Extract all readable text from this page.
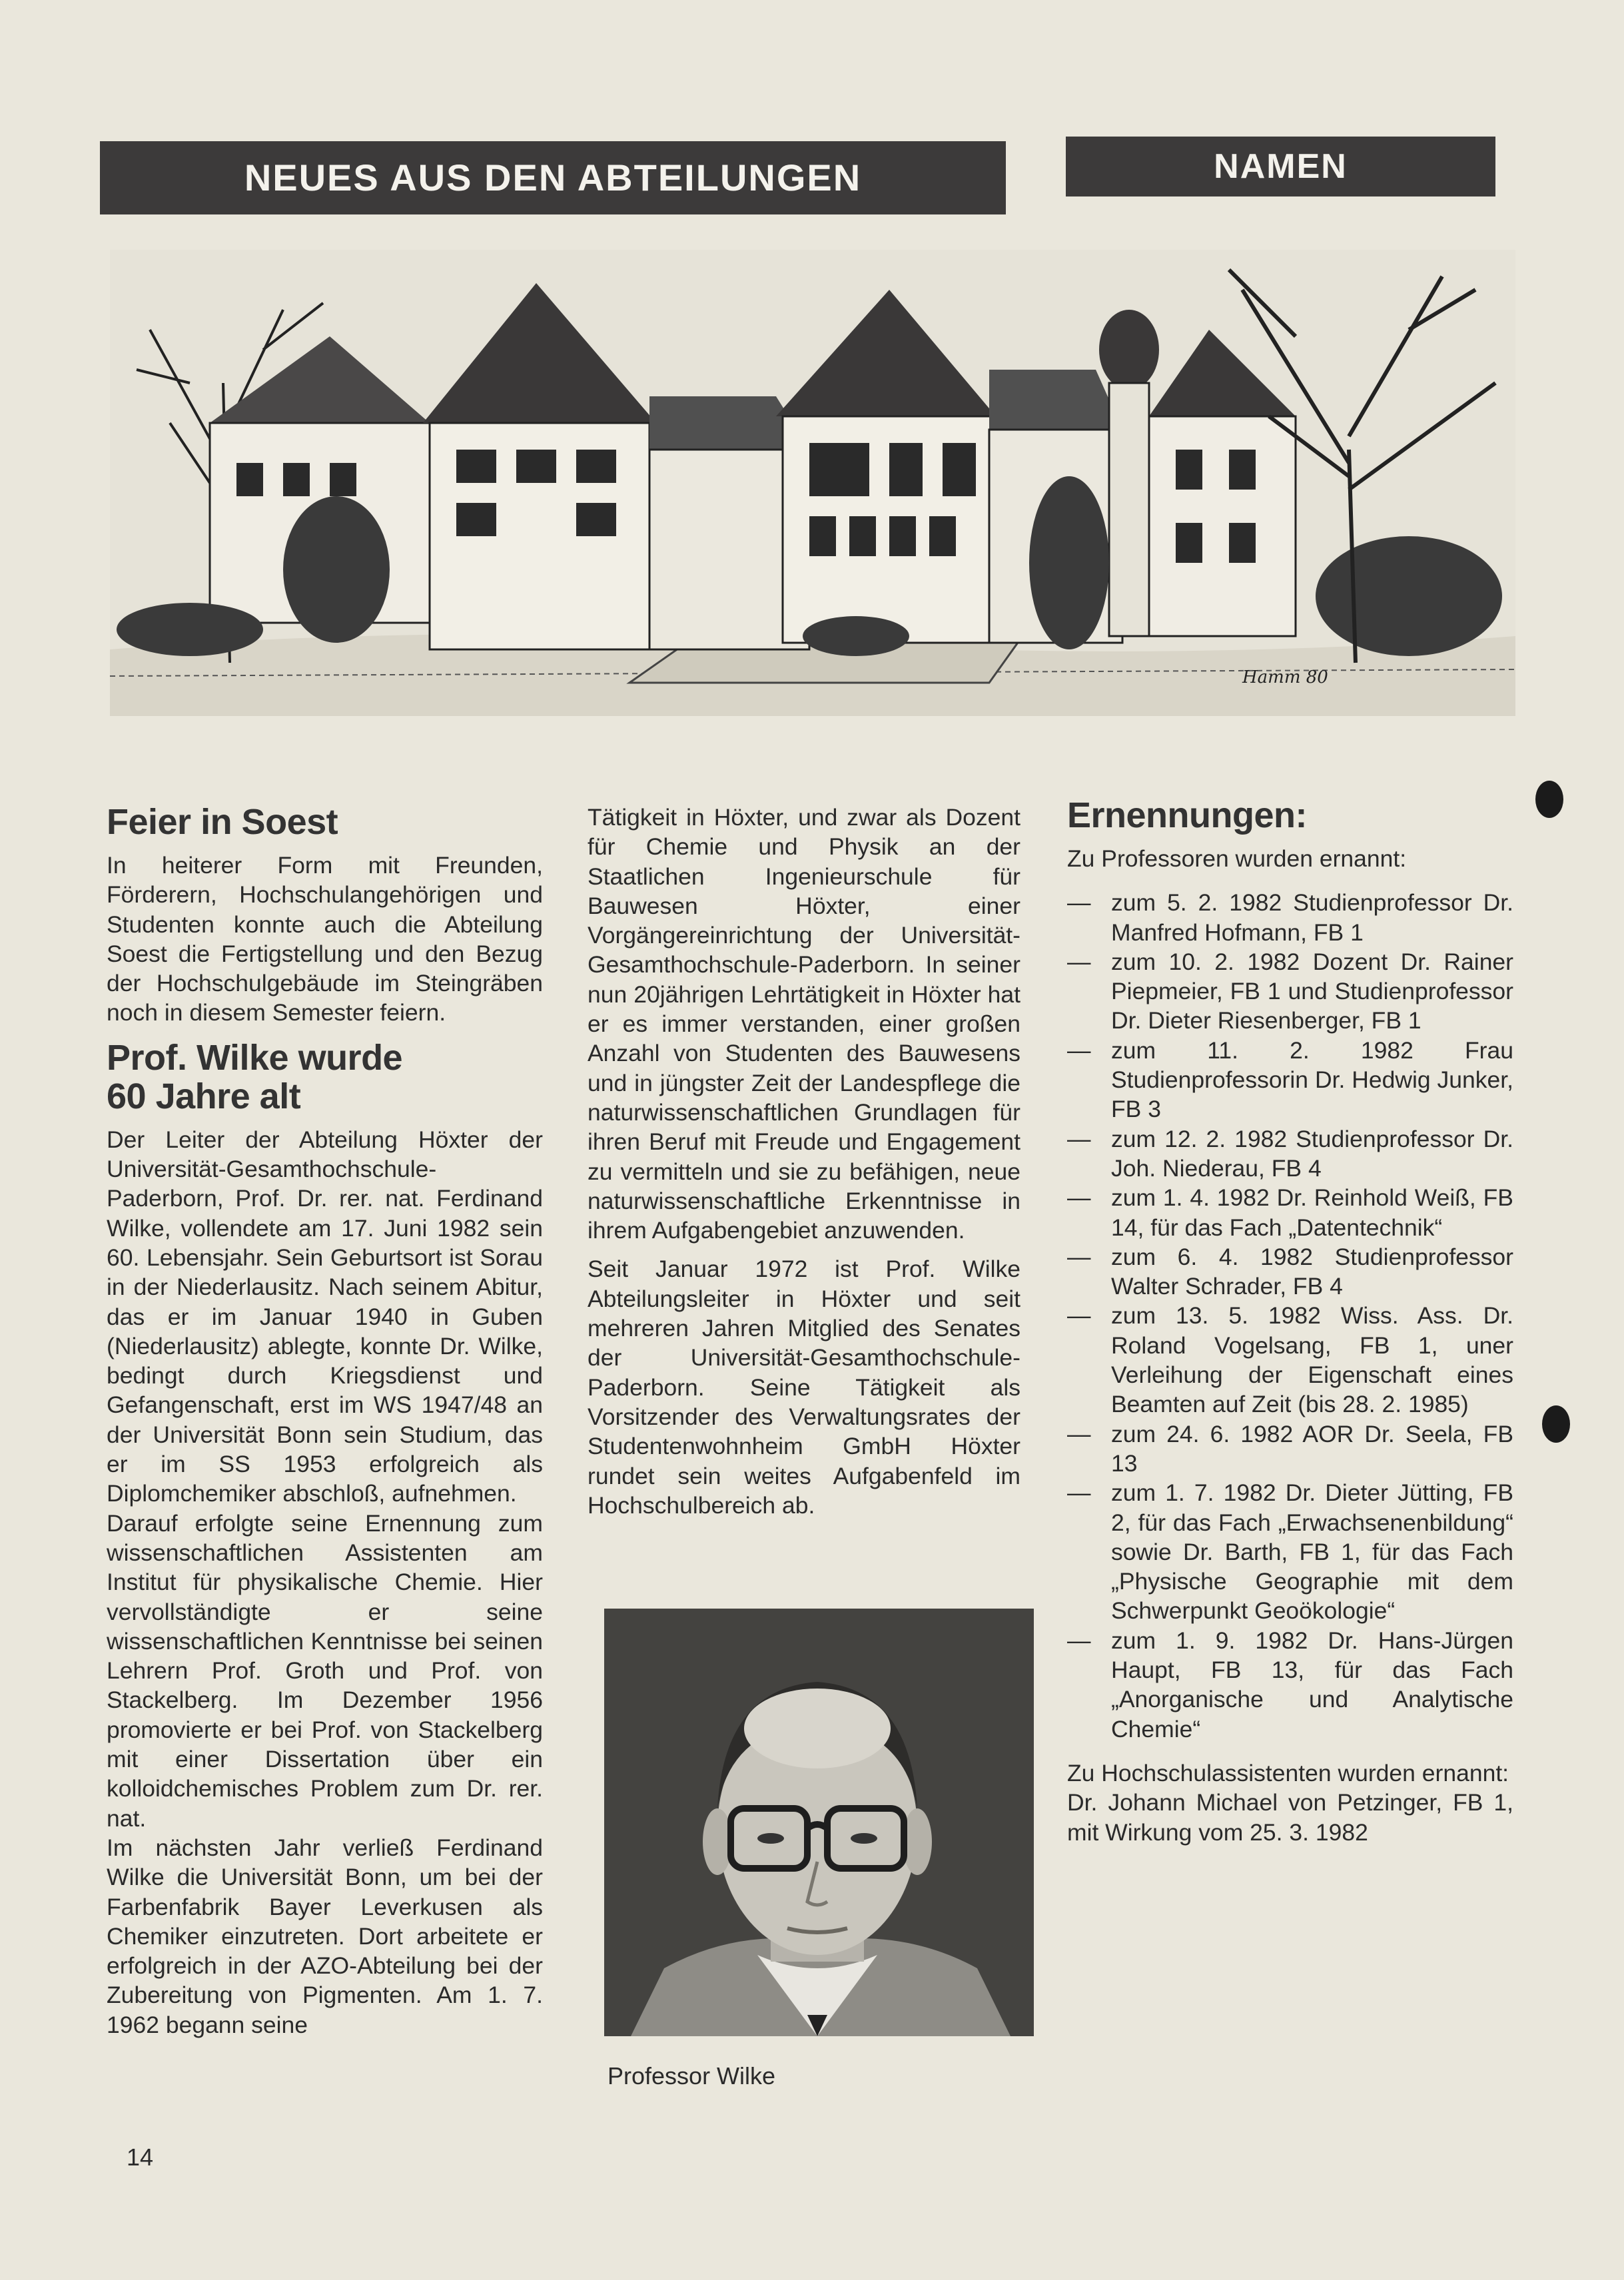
NEUES AUS DEN ABTEILUNGEN	NAMEN
Hamm 80
Feier in Soest

In heiterer Form mit Freunden, Förderern, Hochschulangehörigen und Studenten konnte auch die Abteilung Soest die Fertigstellung und den Bezug der Hochschulgebäude im Steingräben noch in diesem Semester feiern.

Prof. Wilke wurde
60 Jahre alt

Der Leiter der Abteilung Höxter der Universität-Gesamthochschule-Paderborn, Prof. Dr. rer. nat. Ferdinand Wilke, vollendete am 17. Juni 1982 sein 60. Lebensjahr. Sein Geburtsort ist Sorau in der Niederlausitz. Nach seinem Abitur, das er im Januar 1940 in Guben (Niederlausitz) ablegte, konnte Dr. Wilke, bedingt durch Kriegsdienst und Gefangenschaft, erst im WS 1947/48 an der Universität Bonn sein Studium, das er im SS 1953 erfolgreich als Diplomchemiker abschloß, aufnehmen.

Darauf erfolgte seine Ernennung zum wissenschaftlichen Assistenten am Institut für physikalische Chemie. Hier vervollständigte er seine wissenschaftlichen Kenntnisse bei seinen Lehrern Prof. Groth und Prof. von Stackelberg. Im Dezember 1956 promovierte er bei Prof. von Stackelberg mit einer Dissertation über ein kolloidchemisches Problem zum Dr. rer. nat.

Im nächsten Jahr verließ Ferdinand Wilke die Universität Bonn, um bei der Farbenfabrik Bayer Leverkusen als Chemiker einzutreten. Dort arbeitete er erfolgreich in der AZO-Abteilung bei der Zubereitung von Pigmenten. Am 1. 7. 1962 begann seine

Tätigkeit in Höxter, und zwar als Dozent für Chemie und Physik an der Staatlichen Ingenieurschule für Bauwesen Höxter, einer Vorgängereinrichtung der Universität-Gesamthochschule-Paderborn. In seiner nun 20jährigen Lehrtätigkeit in Höxter hat er es immer verstanden, einer großen Anzahl von Studenten des Bauwesens und in jüngster Zeit der Landespflege die naturwissenschaftlichen Grundlagen für ihren Beruf mit Freude und Engagement zu vermitteln und sie zu befähigen, neue naturwissenschaftliche Erkenntnisse in ihrem Aufgabengebiet anzuwenden.

Seit Januar 1972 ist Prof. Wilke Abteilungsleiter in Höxter und seit mehreren Jahren Mitglied des Senates der Universität-Gesamthochschule-Paderborn. Seine Tätigkeit als Vorsitzender des Verwaltungsrates der Studentenwohnheim GmbH Höxter rundet sein weites Aufgabenfeld im Hochschulbereich ab.

Professor Wilke
Ernennungen:

Zu Professoren wurden ernannt:

— zum 5. 2. 1982 Studienprofessor Dr. Manfred Hofmann, FB 1
— zum 10. 2. 1982 Dozent Dr. Rainer Piepmeier, FB 1 und Studienprofessor Dr. Dieter Riesenberger, FB 1
— zum 11. 2. 1982 Frau Studienprofessorin Dr. Hedwig Junker, FB 3
— zum 12. 2. 1982 Studienprofessor Dr. Joh. Niederau, FB 4
— zum 1. 4. 1982 Dr. Reinhold Weiß, FB 14, für das Fach „Datentechnik“
— zum 6. 4. 1982 Studienprofessor Walter Schrader, FB 4
— zum 13. 5. 1982 Wiss. Ass. Dr. Roland Vogelsang, FB 1, uner Verleihung der Eigenschaft eines Beamten auf Zeit (bis 28. 2. 1985)
— zum 24. 6. 1982 AOR Dr. Seela, FB 13
— zum 1. 7. 1982 Dr. Dieter Jütting, FB 2, für das Fach „Erwachsenenbildung“ sowie Dr. Barth, FB 1, für das Fach „Physische Geographie mit dem Schwerpunkt Geoökologie“
— zum 1. 9. 1982 Dr. Hans-Jürgen Haupt, FB 13, für das Fach „Anorganische und Analytische Chemie“

Zu Hochschulassistenten wurden ernannt:

Dr. Johann Michael von Petzinger, FB 1, mit Wirkung vom 25. 3. 1982

14
